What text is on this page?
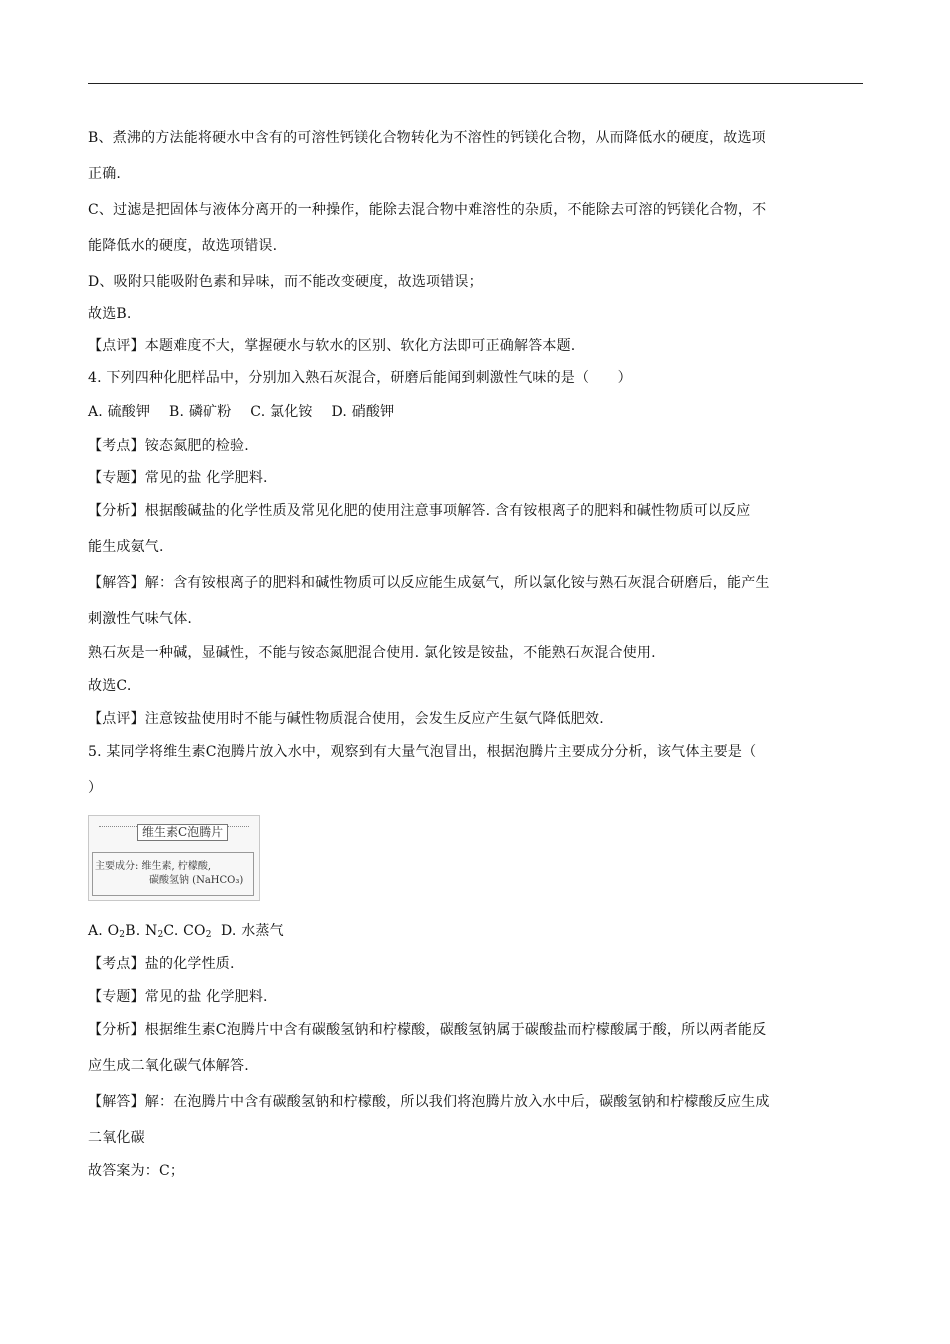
B、煮沸的方法能将硬水中含有的可溶性钙镁化合物转化为不溶性的钙镁化合物，从而降低水的硬度，故选项
正确.
C、过滤是把固体与液体分离开的一种操作，能除去混合物中难溶性的杂质，不能除去可溶的钙镁化合物，不
能降低水的硬度，故选项错误.
D、吸附只能吸附色素和异味，而不能改变硬度，故选项错误；
故选B.
【点评】本题难度不大，掌握硬水与软水的区别、软化方法即可正确解答本题.
4. 下列四种化肥样品中，分别加入熟石灰混合，研磨后能闻到刺激性气味的是（　　）
A. 硫酸钾　 B. 磷矿粉　 C. 氯化铵　 D. 硝酸钾
【考点】铵态氮肥的检验.
【专题】常见的盐 化学肥料.
【分析】根据酸碱盐的化学性质及常见化肥的使用注意事项解答. 含有铵根离子的肥料和碱性物质可以反应
能生成氨气.
【解答】解：含有铵根离子的肥料和碱性物质可以反应能生成氨气，所以氯化铵与熟石灰混合研磨后，能产生
刺激性气味气体.
熟石灰是一种碱，显碱性，不能与铵态氮肥混合使用. 氯化铵是铵盐，不能熟石灰混合使用.
故选C.
【点评】注意铵盐使用时不能与碱性物质混合使用，会发生反应产生氨气降低肥效.
5. 某同学将维生素C泡腾片放入水中，观察到有大量气泡冒出，根据泡腾片主要成分分析，该气体主要是（
）
【考点】盐的化学性质.
【专题】常见的盐 化学肥料.
【分析】根据维生素C泡腾片中含有碳酸氢钠和柠檬酸，碳酸氢钠属于碳酸盐而柠檬酸属于酸，所以两者能反
应生成二氧化碳气体解答.
【解答】解：在泡腾片中含有碳酸氢钠和柠檬酸，所以我们将泡腾片放入水中后，碳酸氢钠和柠檬酸反应生成
二氧化碳
故答案为：C；
维生素C泡腾片
主要成分: 维生素, 柠檬酸,
碳酸氢钠 (NaHCO₃)
A. $O_2B$. $N_2C$. $CO_2$ D. 水蒸气
